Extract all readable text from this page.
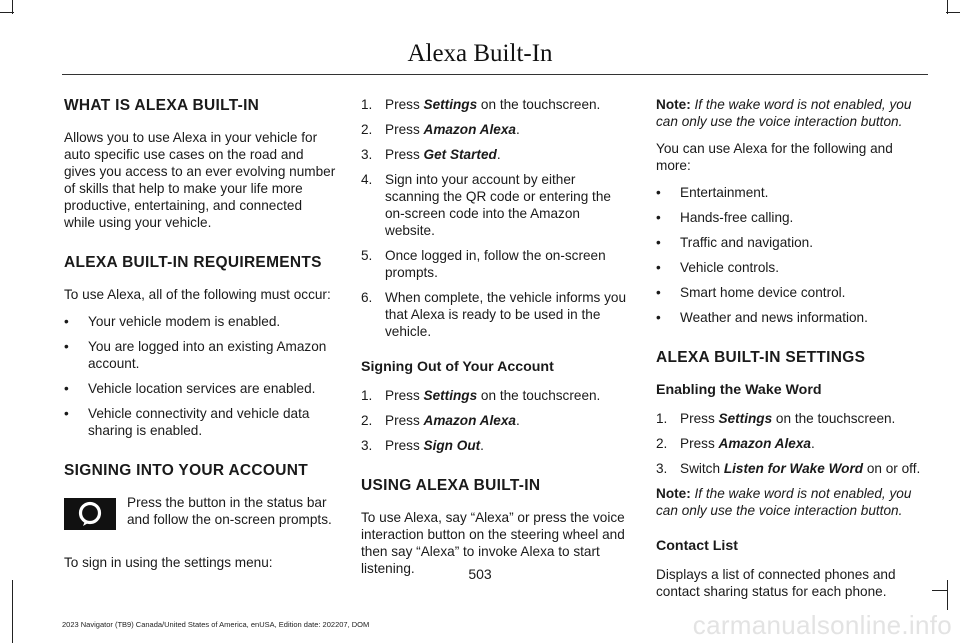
Alexa Built-In
WHAT IS ALEXA BUILT-IN

Allows you to use Alexa in your vehicle for auto specific use cases on the road and gives you access to an ever evolving number of skills that help to make your life more productive, entertaining, and connected while using your vehicle.

ALEXA BUILT-IN REQUIREMENTS

To use Alexa, all of the following must occur:

• Your vehicle modem is enabled.
• You are logged into an existing Amazon account.
• Vehicle location services are enabled.
• Vehicle connectivity and vehicle data sharing is enabled.
SIGNING INTO YOUR ACCOUNT
Press the button in the status bar and follow the on-screen prompts.

To sign in using the settings menu:

1. Press Settings on the touchscreen.
2. Press Amazon Alexa.
3. Press Get Started.
4. Sign into your account by either scanning the QR code or entering the on-screen code into the Amazon website.
5. Once logged in, follow the on-screen prompts.
6. When complete, the vehicle informs you that Alexa is ready to be used in the vehicle.
Signing Out of Your Account
1. Press Settings on the touchscreen.
2. Press Amazon Alexa.
3. Press Sign Out.
USING ALEXA BUILT-IN

To use Alexa, say “Alexa” or press the voice interaction button on the steering wheel and then say “Alexa” to invoke Alexa to start listening.

Note: If the wake word is not enabled, you can only use the voice interaction button.

You can use Alexa for the following and more:

• Entertainment.
• Hands-free calling.
• Traffic and navigation.
• Vehicle controls.
• Smart home device control.
• Weather and news information.
ALEXA BUILT-IN SETTINGS
Enabling the Wake Word
1. Press Settings on the touchscreen.
2. Press Amazon Alexa.
3. Switch Listen for Wake Word on or off.

Note: If the wake word is not enabled, you can only use the voice interaction button.

Contact List

Displays a list of connected phones and contact sharing status for each phone.

503
2023 Navigator (TB9) Canada/United States of America, enUSA, Edition date: 202207, DOM	carmanualsonline.info
